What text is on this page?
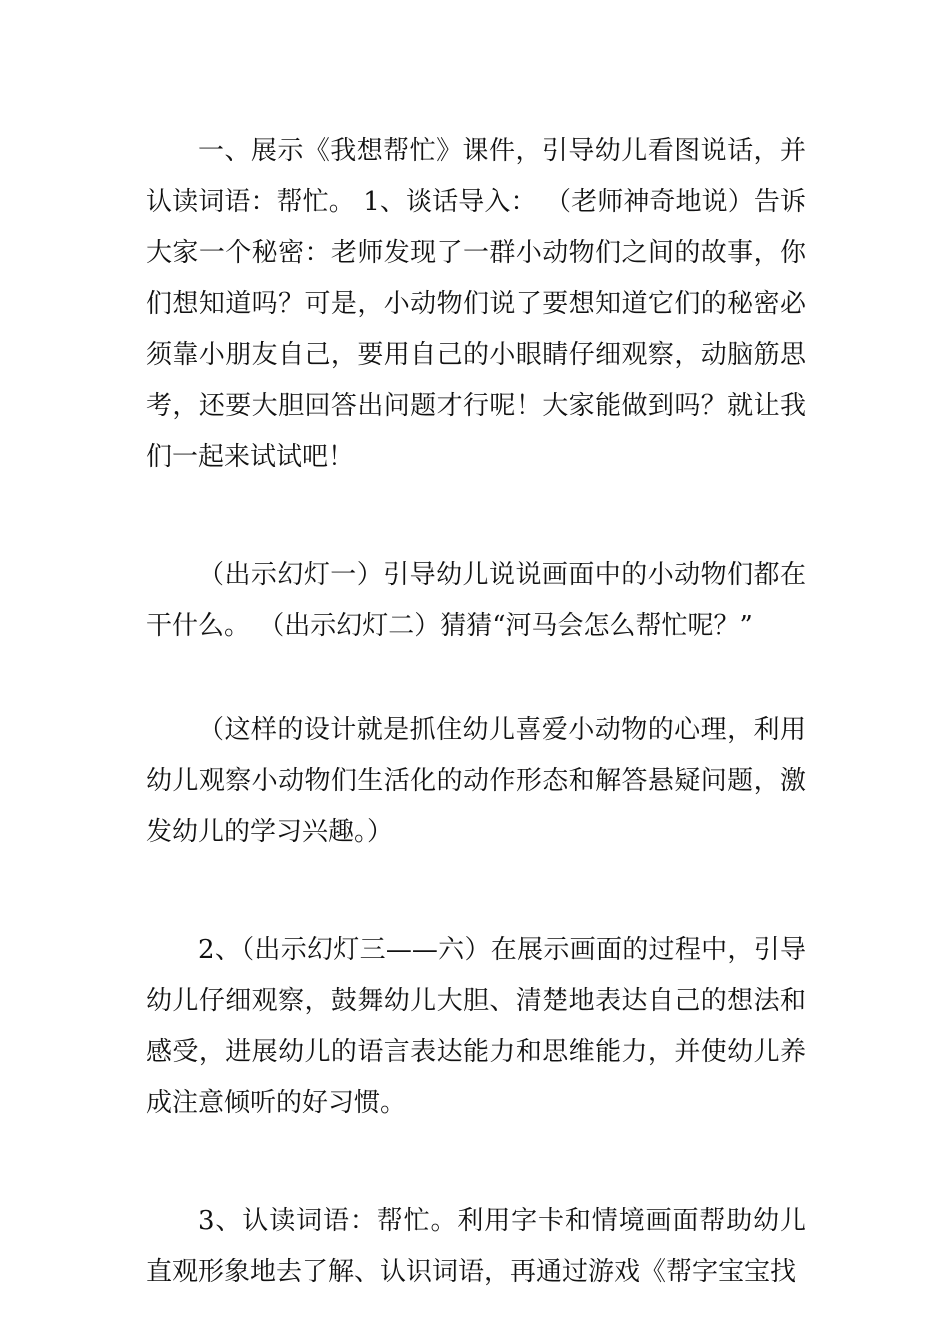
一、展示《我想帮忙》课件，引导幼儿看图说话，并认读词语：帮忙。 1、谈话导入： （老师神奇地说）告诉大家一个秘密：老师发现了一群小动物们之间的故事，你们想知道吗？可是，小动物们说了要想知道它们的秘密必须靠小朋友自己，要用自己的小眼睛仔细观察，动脑筋思考，还要大胆回答出问题才行呢！大家能做到吗？就让我们一起来试试吧！

（出示幻灯一）引导幼儿说说画面中的小动物们都在干什么。 （出示幻灯二）猜猜“河马会怎么帮忙呢？”

（这样的设计就是抓住幼儿喜爱小动物的心理，利用幼儿观察小动物们生活化的动作形态和解答悬疑问题，激发幼儿的学习兴趣。）

2、（出示幻灯三——六）在展示画面的过程中，引导幼儿仔细观察，鼓舞幼儿大胆、清楚地表达自己的想法和感受，进展幼儿的语言表达能力和思维能力，并使幼儿养成注意倾听的好习惯。

3、认读词语：帮忙。利用字卡和情境画面帮助幼儿直观形象地去了解、认识词语，再通过游戏《帮字宝宝找
